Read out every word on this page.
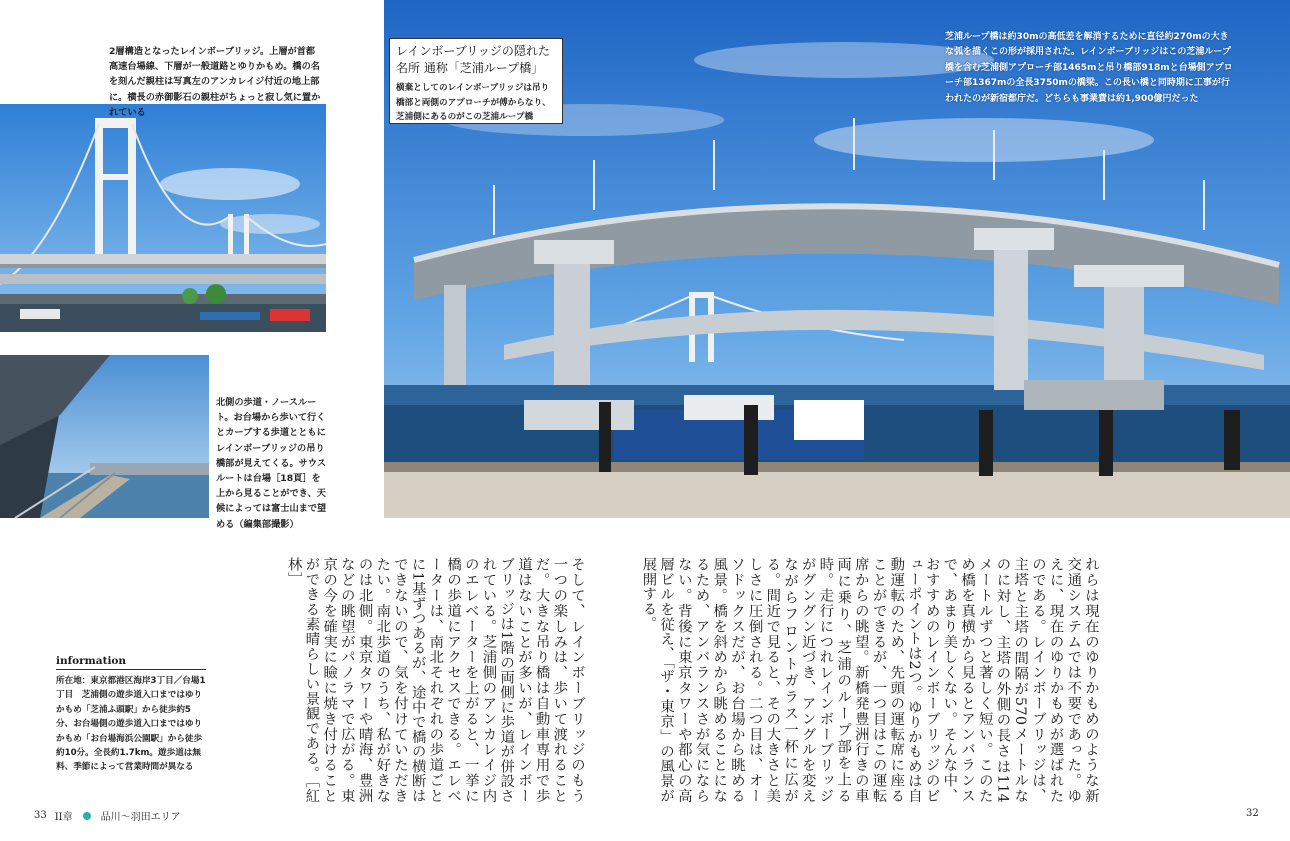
2層構造となったレインボーブリッジ。上層が首都高速台場線、下層が一般道路とゆりかもめ。橋の名を刻んだ親柱は写真左のアンカレイジ付近の地上部に。横長の赤御影石の親柱がちょっと寂し気に置かれている
北側の歩道・ノースルート。お台場から歩いて行くとカーブする歩道とともにレインボーブリッジの吊り橋部が見えてくる。サウスルートは台場［18頁］を上から見ることができ、天候によっては富士山まで望める（編集部撮影）
芝浦ループ橋は約30mの高低差を解消するために直径約270mの大きな弧を描くこの形が採用された。レインボーブリッジはこの芝浦ループ橋を含む芝浦側アプローチ部1465mと吊り橋部918mと台場側アプローチ部1367mの全長3750mの橋梁。この長い橋と同時期に工事が行われたのが新宿都庁だ。どちらも事業費は約1,900億円だった
レインボーブリッジの隠れた名所 通称「芝浦ループ橋」
横棄としてのレインボーブリッジは吊り橋部と両側のアプローチが傅からなり、芝浦側にあるのがこの芝浦ループ橋
れらは現在のゆりかもめのような新交通システムでは不要であった。ゆえに、現在のゆりかもめが選ばれたのである。レインボーブリッジは、主塔と主塔の間隔が570メートルなのに対し、主塔の外側の長さは114メートルずつと著しく短い。このため橋を真横から見るとアンバランスで、あまり美しくない。そんな中、おすすめのレインボーブリッジのビューポイントは2つ。ゆりかもめは自動運転のため、先頭の運転席に座ることができるが、一つ目はこの運転席からの眺望。新橋発豊洲行きの車両に乗り、芝浦のループ部を上る時。走行につれレインボーブリッジがグングン近づき、アングルを変えながらフロントガラス一杯に広がる。間近で見ると、その大きさと美しさに圧倒される。二つ目は、オーソドックスだが、お台場から眺める風景。橋を斜めから眺めることになるため、アンバランスさが気にならない。背後に東京タワーや都心の高層ビルを従え、「ザ・東京」の風景が展開する。
そして、レインボーブリッジのもう一つの楽しみは、歩いて渡れることだ。大きな吊り橋は自動車専用で歩道はないことが多いが、レインボーブリッジは1階の両側に歩道が併設されている。芝浦側のアンカレイジ内のエレベーターを上がると、一挙に橋の歩道にアクセスできる。エレベーターは、南北それぞれの歩道ごとに1基ずつあるが、途中で橋の横断はできないので、気を付けていただきたい。南北歩道のうち、私が好きなのは北側。東京タワーや晴海、豊洲などの眺望がパノラマで広がる。東京の今を確実に瞼に焼き付けることができる素晴らしい景観である。［紅林］
information
所在地：東京都港区海岸3丁目／台場1丁目　芝浦側の遊歩道入口まではゆりかもめ「芝浦ふ頭駅」から徒歩約5分、お台場側の遊歩道入口まではゆりかもめ「お台場海浜公園駅」から徒歩約10分。全長約1.7km。遊歩道は無料、季節によって営業時間が異なる
33 II章	品川〜羽田エリア	32
